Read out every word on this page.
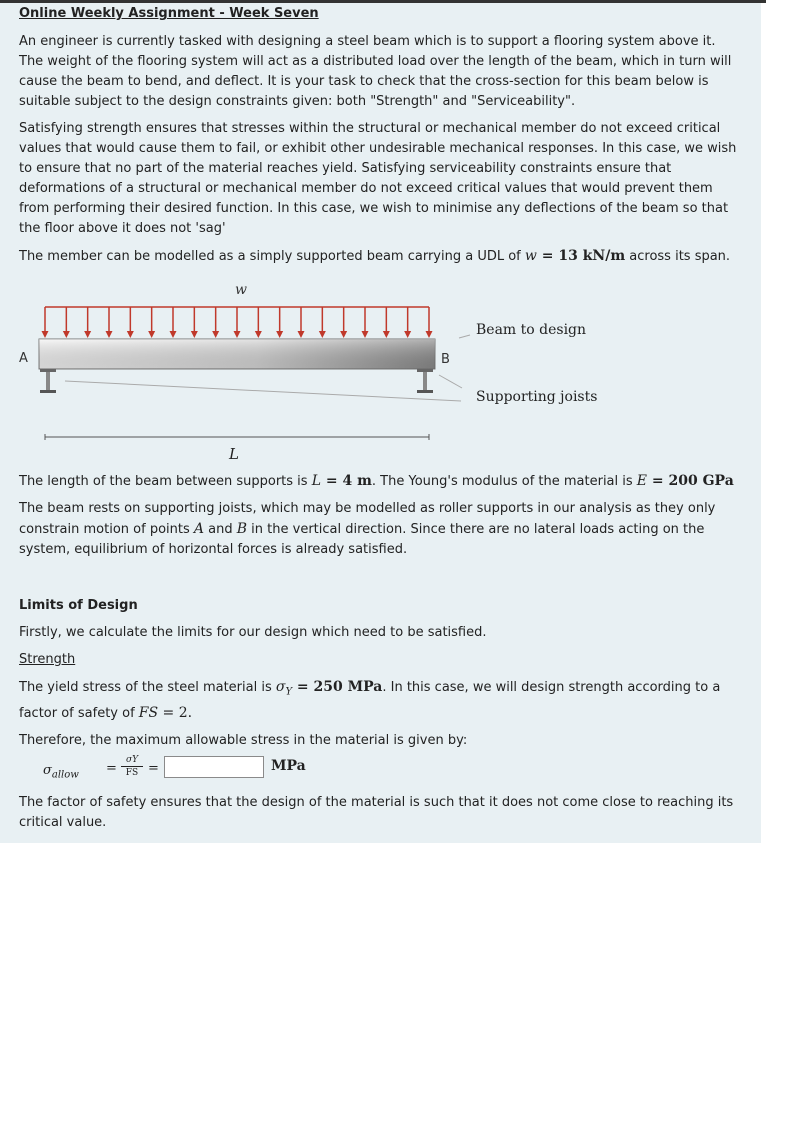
Online Weekly Assignment - Week Seven

An engineer is currently tasked with designing a steel beam which is to support a flooring system above it. The weight of the flooring system will act as a distributed load over the length of the beam, which in turn will cause the beam to bend, and deflect. It is your task to check that the cross-section for this beam below is suitable subject to the design constraints given: both "Strength" and "Serviceability".

Satisfying strength ensures that stresses within the structural or mechanical member do not exceed critical values that would cause them to fail, or exhibit other undesirable mechanical responses. In this case, we wish to ensure that no part of the material reaches yield. Satisfying serviceability constraints ensure that deformations of a structural or mechanical member do not exceed critical values that would prevent them from performing their desired function. In this case, we wish to minimise any deflections of the beam so that the floor above it does not 'sag'

The member can be modelled as a simply supported beam carrying a UDL of w = 13 kN/m across its span.

w
A	B
Beam to design
Supporting joists
L

The length of the beam between supports is L = 4 m. The Young's modulus of the material is E = 200 GPa

The beam rests on supporting joists, which may be modelled as roller supports in our analysis as they only constrain motion of points A and B in the vertical direction. Since there are no lateral loads acting on the system, equilibrium of horizontal forces is already satisfied.

Limits of Design

Firstly, we calculate the limits for our design which need to be satisfied.

Strength

The yield stress of the steel material is $\sigma_Y = 250$ MPa. In this case, we will design strength according to a factor of safety of FS = 2.

Therefore, the maximum allowable stress in the material is given by:

$\sigma_{allow}$ =
σY
FS =	MPa

The factor of safety ensures that the design of the material is such that it does not come close to reaching its critical value.
